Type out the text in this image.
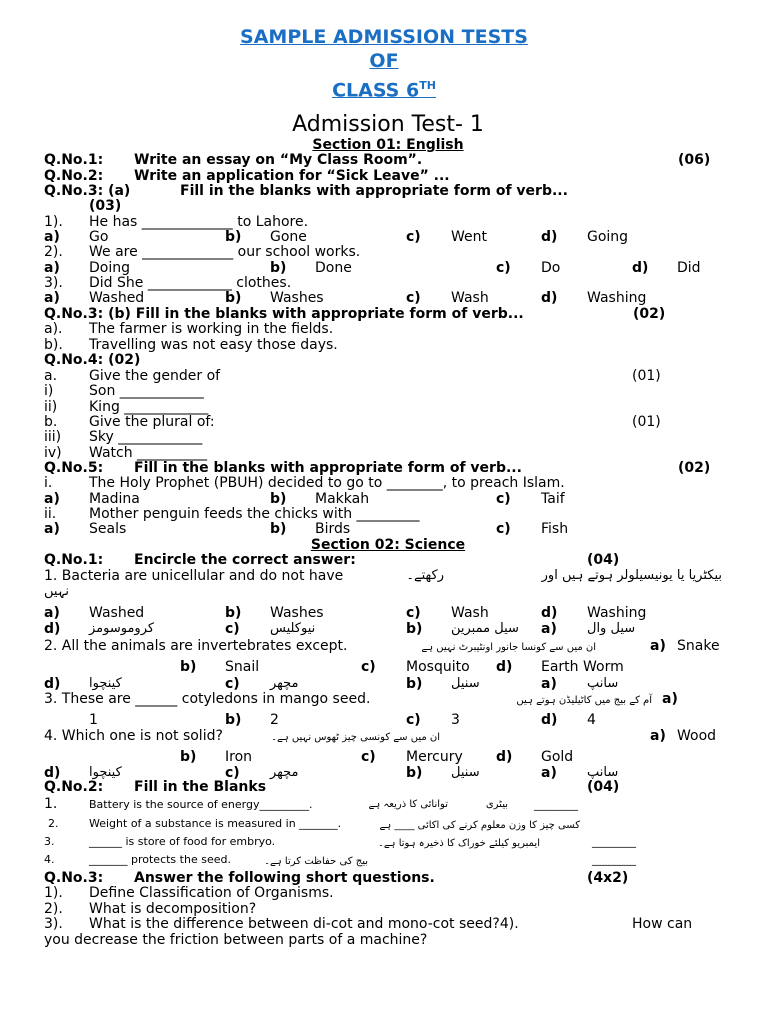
SAMPLE ADMISSION TESTS
OF
CLASS 6TH
Admission Test- 1
Section 01: English
Q.No.1: Write an essay on “My Class Room”.	(06)
Q.No.2: Write an application for “Sick Leave” ...
Q.No.3: (a)	Fill in the blanks with appropriate form of verb...
(03)
1). He has _____________ to Lahore.
a) Go	b) Gone	c) Went	d) Going
2). We are _____________ our school works.
a) Doing	b) Done	c) Do	d) Did
3). Did She ____________ clothes.
a) Washed	b) Washes	c) Wash	d) Washing
Q.No.3: (b) Fill in the blanks with appropriate form of verb...	(02)
a). The farmer is working in the fields.
b). Travelling was not easy those days.
Q.No.4: (02)
a. Give the gender of	(01)
i)	Son ____________
ii) King ____________
b. Give the plural of:	(01)
iii) Sky ____________
iv) Watch __________
Q.No.5: Fill in the blanks with appropriate form of verb...	(02)
i.	The Holy Prophet (PBUH) decided to go to ________, to preach Islam.
a) Madina	b) Makkah	c) Taif
ii. Mother penguin feeds the chicks with _________
a) Seals	b) Birds	c) Fish
Section 02: Science
Q.No.1: Encircle the correct answer:	(04)
1. Bacteria are unicellular and do not have	رکھتے۔	بیکٹریا یا یونیسیلولر ہوتے ہیں اور
نہیں
a) Washed	b) Washes	c) Wash	d) Washing
d) کروموسومز	c) نیوکلیس	b) سیل ممبرین a) سیل وال
2. All the animals are invertebrates except.	ان میں سے کونسا جانور اونٹیبرٹ نہیں ہے	a) Snake
b) Snail	c) Mosquito d) Earth Worm
d) کینچوا	c) مچھر	b) سنیل	a) سانپ
3. These are ______ cotyledons in mango seed.	آم کے بیج میں کاٹیلیڈن ہوتے ہیں a)
1	b) 2	c) 3	d) 4
4. Which one is not solid?	ان میں سے کونسی چیز ٹھوس نہیں ہے۔	a) Wood
b) Iron	c) Mercury d) Gold
d) کینچوا	c) مچھر	b) سنیل	a) سانپ
Q.No.2: Fill in the Blanks	(04)
1.	Battery is the source of energy_________.	توانائی کا ذریعہ ہے	بیٹری ________
2.	Weight of a substance is measured in _______.	کسی چیز کا وزن معلوم کرنے کی اکائی ____ ہے
3.	______ is store of food for embryo.	ایمبریو کیلئے خوراک کا ذخیرہ ہوتا ہے۔	________
4.	_______ protects the seed.	بیج کی حفاظت کرتا ہے۔	________
Q.No.3: Answer the following short questions.	(4x2)
1). Define Classification of Organisms.
2). What is decomposition?
3). What is the difference between di-cot and mono-cot seed?4).	How can
you decrease the friction between parts of a machine?
